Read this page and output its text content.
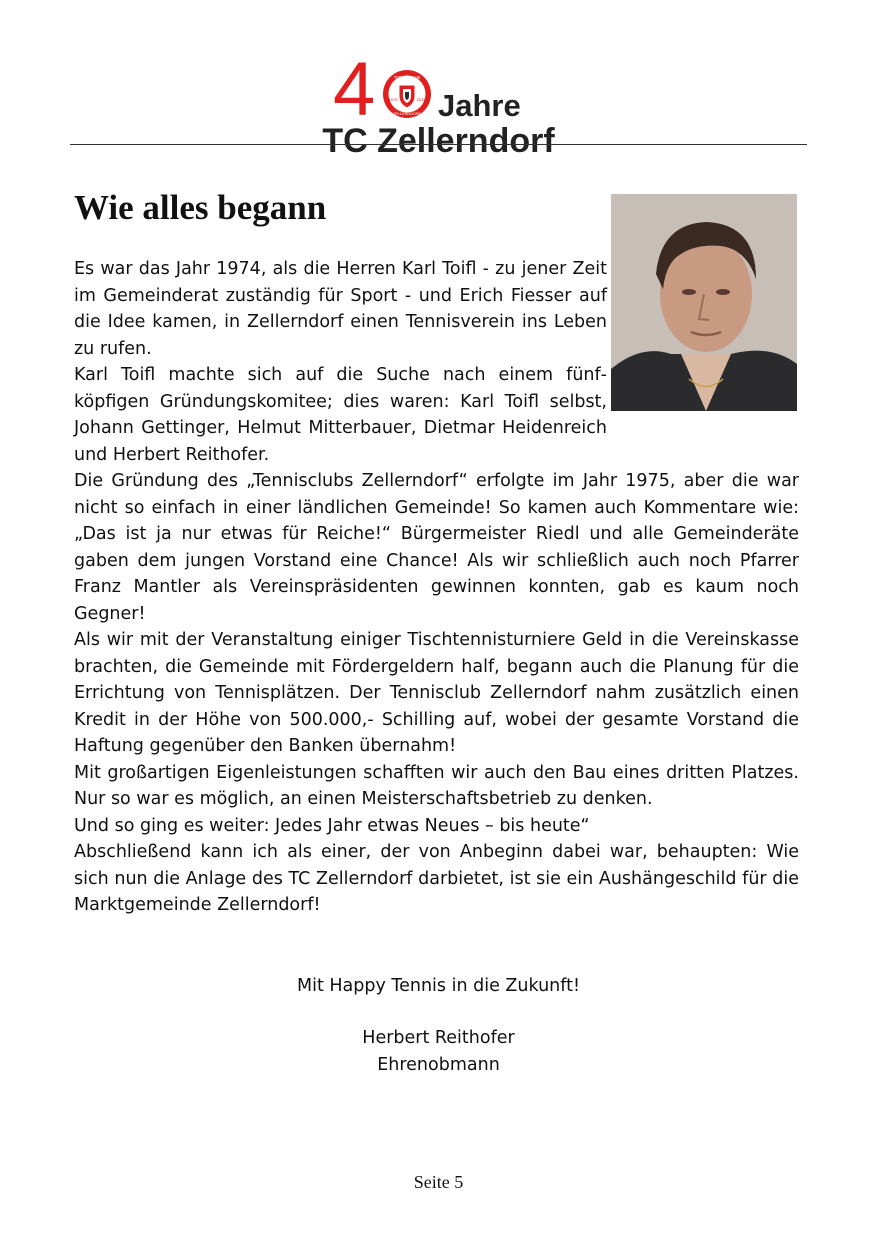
4	TENNISCLUB
1975	2015
ZELLERNDORF Jahre
TC Zellerndorf
Wie alles begann

Es war das Jahr 1974, als die Herren Karl Toifl - zu jener Zeit im Gemeinderat zuständig für Sport - und Erich Fiesser auf die Idee kamen, in Zellerndorf einen Tennisverein ins Leben zu rufen.

Karl Toifl machte sich auf die Suche nach einem fünfköpfigen Gründungskomitee; dies waren: Karl Toifl selbst, Johann Gettinger, Helmut Mitterbauer, Dietmar Heidenreich und Herbert Reithofer.

Die Gründung des „Tennisclubs Zellerndorf“ erfolgte im Jahr 1975, aber die war nicht so einfach in einer ländlichen Gemeinde! So kamen auch Kommentare wie: „Das ist ja nur etwas für Reiche!“ Bürgermeister Riedl und alle Gemeinderäte gaben dem jungen Vorstand eine Chance! Als wir schließlich auch noch Pfarrer Franz Mantler als Vereinspräsidenten gewinnen konnten, gab es kaum noch Gegner!

Als wir mit der Veranstaltung einiger Tischtennisturniere Geld in die Vereinskasse brachten, die Gemeinde mit Fördergeldern half, begann auch die Planung für die Errichtung von Tennisplätzen. Der Tennisclub Zellerndorf nahm zusätzlich einen Kredit in der Höhe von 500.000,- Schilling auf, wobei der gesamte Vorstand die Haftung gegenüber den Banken übernahm!

Mit großartigen Eigenleistungen schafften wir auch den Bau eines dritten Platzes. Nur so war es möglich, an einen Meisterschaftsbetrieb zu denken.

Und so ging es weiter: Jedes Jahr etwas Neues – bis heute“

Abschließend kann ich als einer, der von Anbeginn dabei war, behaupten: Wie sich nun die Anlage des TC Zellerndorf darbietet, ist sie ein Aushängeschild für die Marktgemeinde Zellerndorf!

Mit Happy Tennis in die Zukunft!
Herbert Reithofer
Ehrenobmann
Seite 5
